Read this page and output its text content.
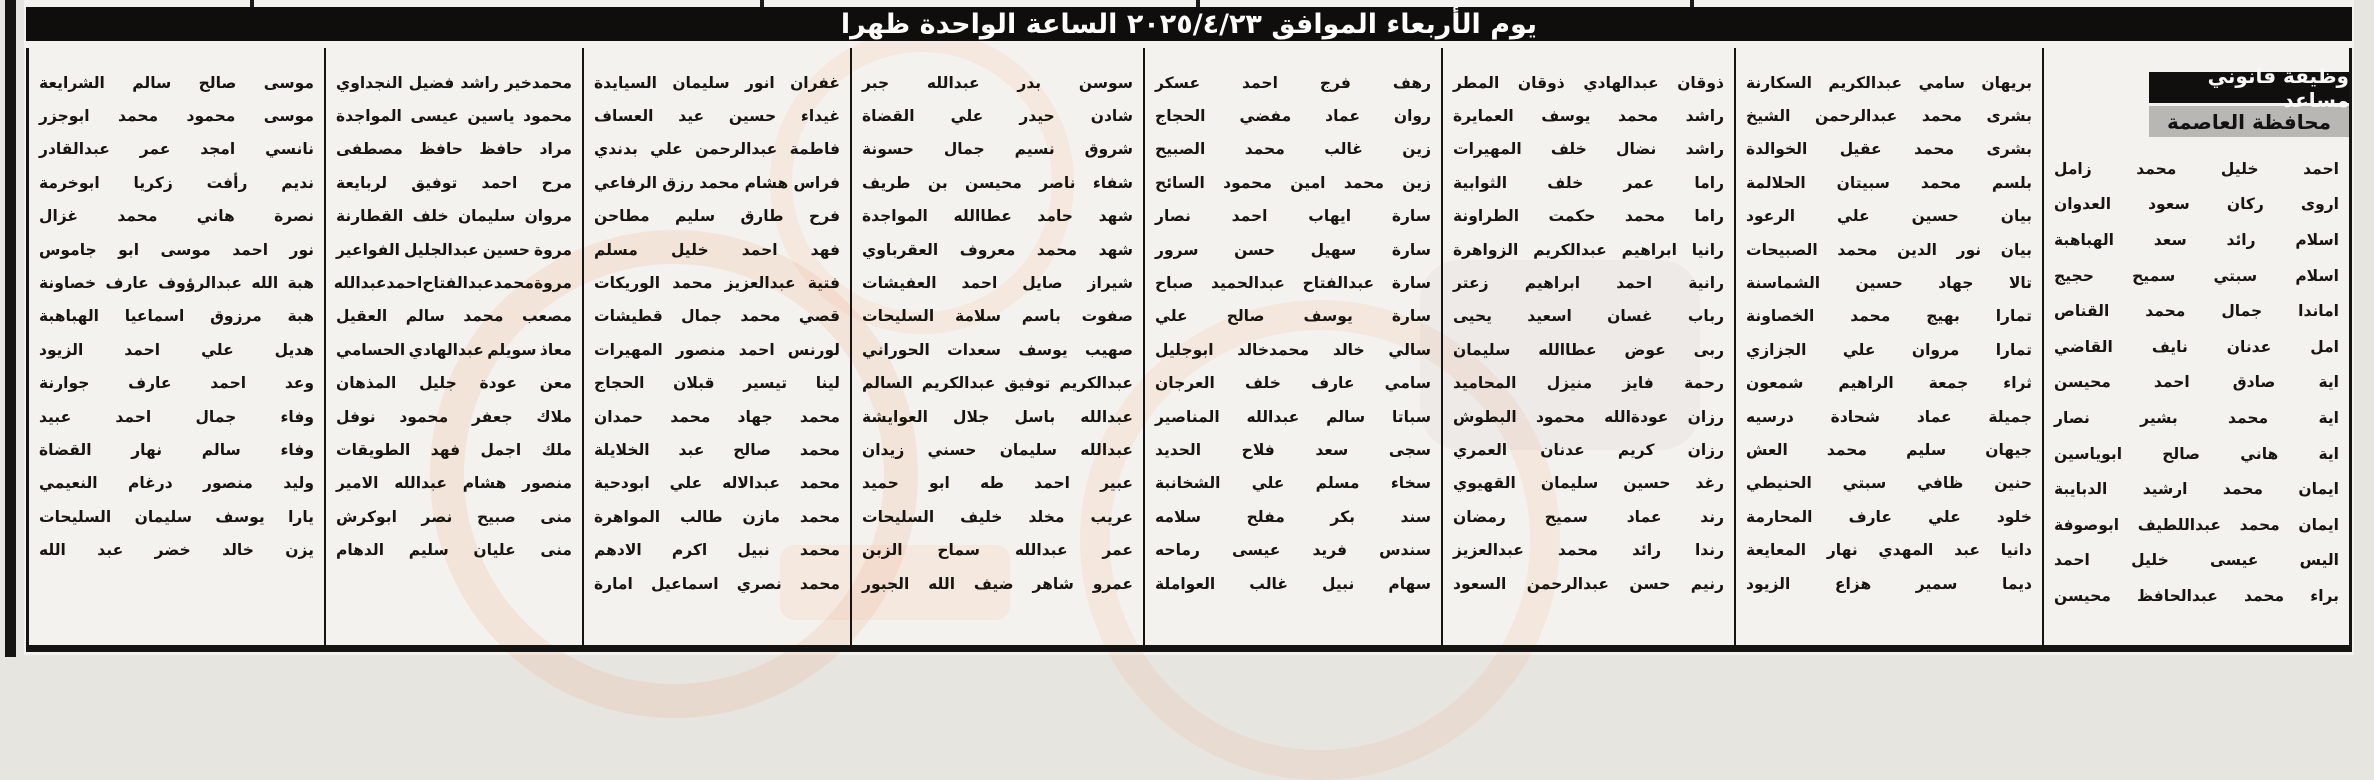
يوم الأربعاء الموافق ٢٠٢٥/٤/٢٣ الساعة الواحدة ظهرا
وظيفة قانوني مساعد
محافظة العاصمة
احمد
خليل
محمد
زامل
اروى
ركان
سعود
العدوان
اسلام
رائد
سعد
الهباهبة
اسلام
سبتي
سميح
حجيج
اماندا
جمال
محمد
القناص
امل
عدنان
نايف
القاضي
اية
صادق
احمد
محيسن
اية
محمد
بشير
نصار
اية
هاني
صالح
ابوياسين
ايمان
محمد
ارشيد
الدبايبة
ايمان
محمد
عبداللطيف
ابوصوفة
اليس
عيسى
خليل
احمد
براء
محمد
عبدالحافظ
محيسن
بريهان
سامي
عبدالكريم
السكارنة
بشرى
محمد
عبدالرحمن
الشيخ
بشرى
محمد
عقيل
الخوالدة
بلسم
محمد
سبيتان
الحلالمة
بيان
حسين
علي
الرعود
بيان
نور
الدين
محمد
الصبيحات
تالا
جهاد
حسين
الشماسنة
تمارا
بهيج
محمد
الخصاونة
تمارا
مروان
علي
الجزازي
ثراء
جمعة
الراهيم
شمعون
جميلة
عماد
شحادة
درسيه
جيهان
سليم
محمد
العش
حنين
ظافي
سبتي
الحنيطي
خلود
علي
عارف
المحارمة
دانيا
عبد
المهدي
نهار
المعايعة
ديما
سمير
هزاع
الزيود
ذوقان
عبدالهادي
ذوقان
المطر
راشد
محمد
يوسف
العمايرة
راشد
نضال
خلف
المهيرات
راما
عمر
خلف
الثوابية
راما
محمد
حكمت
الطراونة
رانيا
ابراهيم
عبدالكريم
الزواهرة
رانية
احمد
ابراهيم
زعتر
رباب
غسان
اسعيد
يحيى
ربى
عوض
عطاالله
سليمان
رحمة
فايز
منيزل
المحاميد
رزان
عودةالله
محمود
البطوش
رزان
كريم
عدنان
العمري
رغد
حسين
سليمان
القهيوي
رند
عماد
سميح
رمضان
رندا
رائد
محمد
عبدالعزيز
رنيم
حسن
عبدالرحمن
السعود
رهف
فرج
احمد
عسكر
روان
عماد
مفضي
الحجاج
زين
غالب
محمد
الصبيح
زين
محمد
امين
محمود
السائح
سارة
ايهاب
احمد
نصار
سارة
سهيل
حسن
سرور
سارة
عبدالفتاح
عبدالحميد
صباح
سارة
يوسف
صالح
علي
سالي
خالد
محمدخالد
ابوجليل
سامي
عارف
خلف
العرجان
سباتا
سالم
عبدالله
المناصير
سجى
سعد
فلاح
الحديد
سخاء
مسلم
علي
الشخانبة
سند
بكر
مفلح
سلامه
سندس
فريد
عيسى
رماحه
سهام
نبيل
غالب
العواملة
سوسن
بدر
عبدالله
جبر
شادن
حيدر
علي
القضاة
شروق
نسيم
جمال
حسونة
شفاء
ناصر
محيسن
بن
طريف
شهد
حامد
عطاالله
المواجدة
شهد
محمد
معروف
العقرباوي
شيراز
صايل
احمد
العفيشات
صفوت
باسم
سلامة
السليحات
صهيب
يوسف
سعدات
الحوراني
عبدالكريم
توفيق
عبدالكريم
السالم
عبدالله
باسل
جلال
العوايشة
عبدالله
سليمان
حسني
زيدان
عبير
احمد
طه
ابو
حميد
عريب
مخلد
خليف
السليحات
عمر
عبدالله
سماح
الزبن
عمرو
شاهر
ضيف
الله
الجبور
غفران
انور
سليمان
السيايدة
غيداء
حسين
عيد
العساف
فاطمة
عبدالرحمن
علي
بدندي
فراس
هشام
محمد
رزق
الرفاعي
فرح
طارق
سليم
مطاحن
فهد
احمد
خليل
مسلم
فتية
عبدالعزيز
محمد
الوريكات
قصي
محمد
جمال
قطيشات
لورنس
احمد
منصور
المهيرات
لينا
تيسير
قبلان
الحجاج
محمد
جهاد
محمد
حمدان
محمد
صالح
عبد
الخلايلة
محمد
عبدالاله
علي
ابودحية
محمد
مازن
طالب
المواهرة
محمد
نبيل
اكرم
الادهم
محمد
نصري
اسماعيل
امارة
محمدخير
راشد
فضيل
النجداوي
محمود
ياسين
عيسى
المواجدة
مراد
حافظ
حافظ
مصطفى
مرح
احمد
توفيق
لربايعة
مروان
سليمان
خلف
القطارنة
مروة
حسين
عبدالجليل
الفواعير
مروة
محمد
عبدالفتاح
احمد
عبدالله
مصعب
محمد
سالم
العقيل
معاذ
سويلم
عبدالهادي
الحسامي
معن
عودة
جليل
المذهان
ملاك
جعفر
محمود
نوفل
ملك
اجمل
فهد
الطويقات
منصور
هشام
عبدالله
الامير
منى
صبيح
نصر
ابوكرش
منى
عليان
سليم
الدهام
موسى
صالح
سالم
الشرايعة
موسى
محمود
محمد
ابوجزر
نانسي
امجد
عمر
عبدالقادر
نديم
رأفت
زكريا
ابوخرمة
نصرة
هاني
محمد
غزال
نور
احمد
موسى
ابو
جاموس
هبة
الله
عبدالرؤوف
عارف
خصاونة
هبة
مرزوق
اسماعيا
الهباهبة
هديل
علي
احمد
الزيود
وعد
احمد
عارف
جوارنة
وفاء
جمال
احمد
عبيد
وفاء
سالم
نهار
القضاة
وليد
منصور
درغام
النعيمي
يارا
يوسف
سليمان
السليحات
يزن
خالد
خضر
عبد
الله
